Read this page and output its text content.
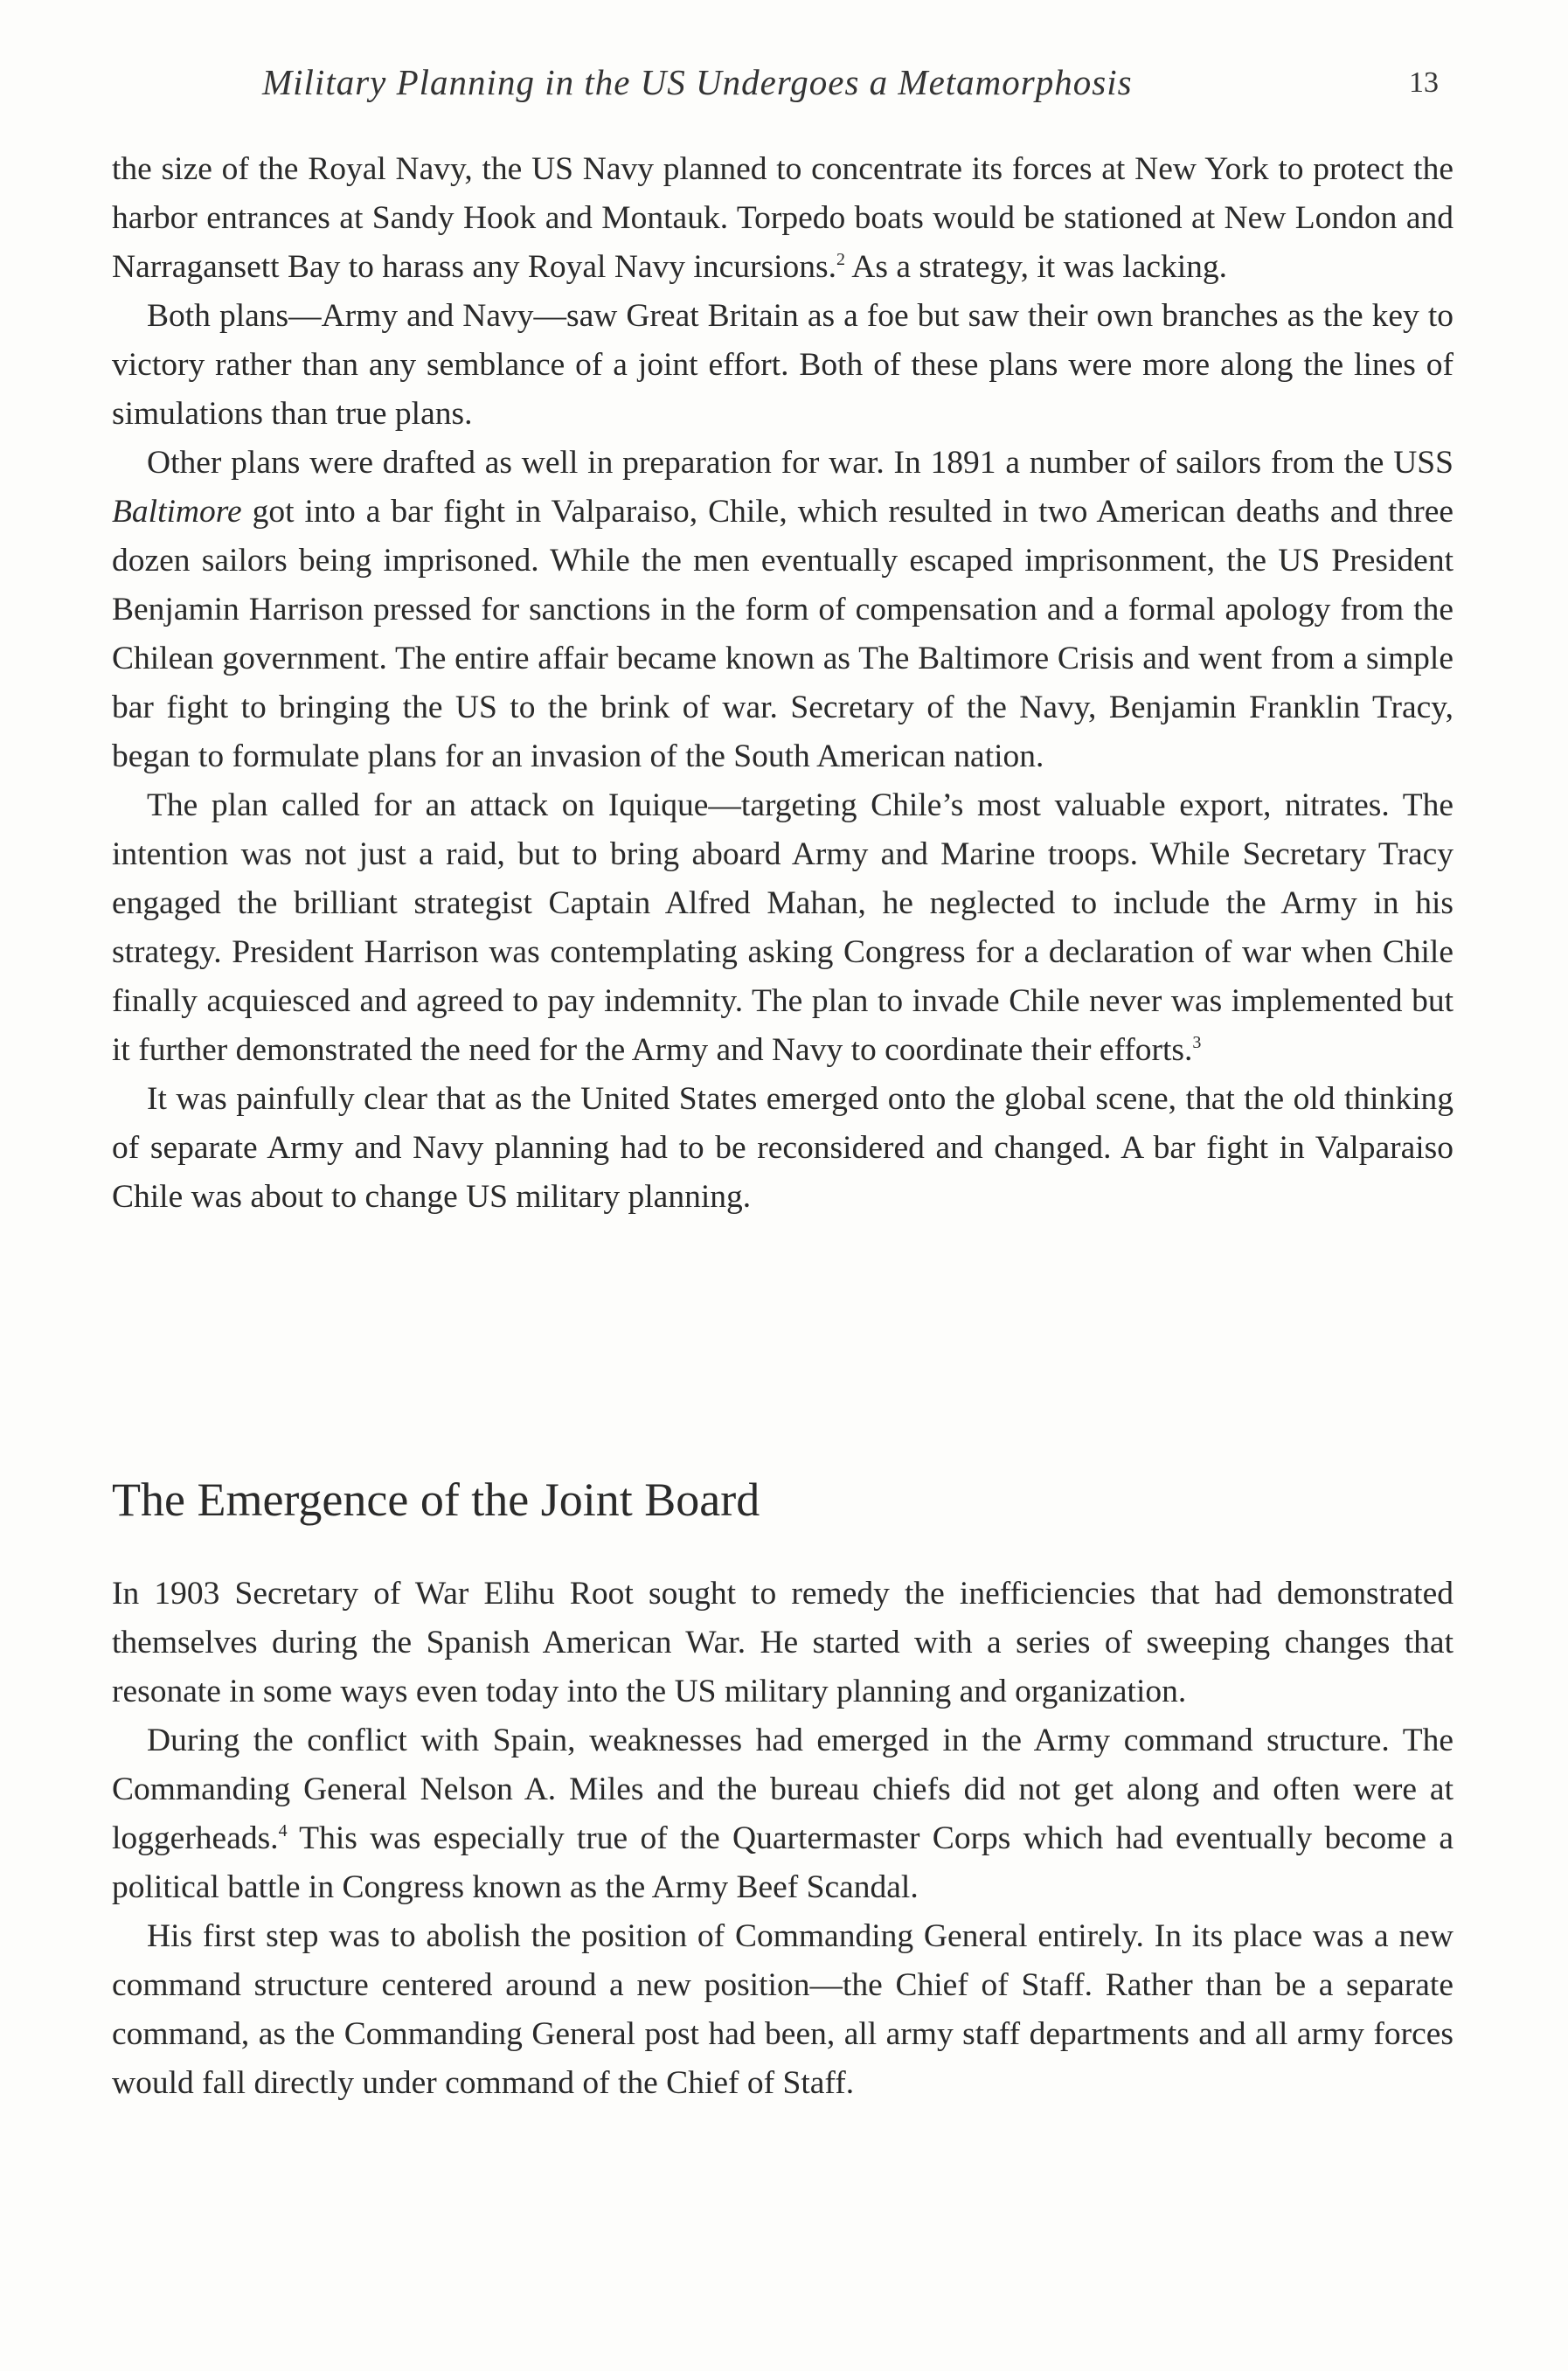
Military Planning in the US Undergoes a Metamorphosis	13

the size of the Royal Navy, the US Navy planned to concentrate its forces at New York to protect the harbor entrances at Sandy Hook and Montauk. Torpedo boats would be stationed at New London and Narragansett Bay to harass any Royal Navy incursions.$^2$ As a strategy, it was lacking.

Both plans—Army and Navy—saw Great Britain as a foe but saw their own branches as the key to victory rather than any semblance of a joint effort. Both of these plans were more along the lines of simulations than true plans.

Other plans were drafted as well in preparation for war. In 1891 a number of sailors from the USS Baltimore got into a bar fight in Valparaiso, Chile, which resulted in two American deaths and three dozen sailors being imprisoned. While the men eventually escaped imprisonment, the US President Benjamin Harrison pressed for sanctions in the form of compensation and a formal apology from the Chilean government. The entire affair became known as The Baltimore Crisis and went from a simple bar fight to bringing the US to the brink of war. Secretary of the Navy, Benjamin Franklin Tracy, began to formulate plans for an invasion of the South American nation.

The plan called for an attack on Iquique—targeting Chile’s most valuable export, nitrates. The intention was not just a raid, but to bring aboard Army and Marine troops. While Secretary Tracy engaged the brilliant strategist Captain Alfred Mahan, he neglected to include the Army in his strategy. President Harrison was contemplating asking Congress for a declaration of war when Chile finally acquiesced and agreed to pay indemnity. The plan to invade Chile never was implemented but it further demonstrated the need for the Army and Navy to coordinate their efforts.$^3$

It was painfully clear that as the United States emerged onto the global scene, that the old thinking of separate Army and Navy planning had to be reconsidered and changed. A bar fight in Valparaiso Chile was about to change US military planning.

The Emergence of the Joint Board

In 1903 Secretary of War Elihu Root sought to remedy the inefficiencies that had demonstrated themselves during the Spanish American War. He started with a series of sweeping changes that resonate in some ways even today into the US military planning and organization.

During the conflict with Spain, weaknesses had emerged in the Army command structure. The Commanding General Nelson A. Miles and the bureau chiefs did not get along and often were at loggerheads.$^4$ This was especially true of the Quartermaster Corps which had eventually become a political battle in Congress known as the Army Beef Scandal.

His first step was to abolish the position of Commanding General entirely. In its place was a new command structure centered around a new position—the Chief of Staff. Rather than be a separate command, as the Commanding General post had been, all army staff departments and all army forces would fall directly under command of the Chief of Staff.
